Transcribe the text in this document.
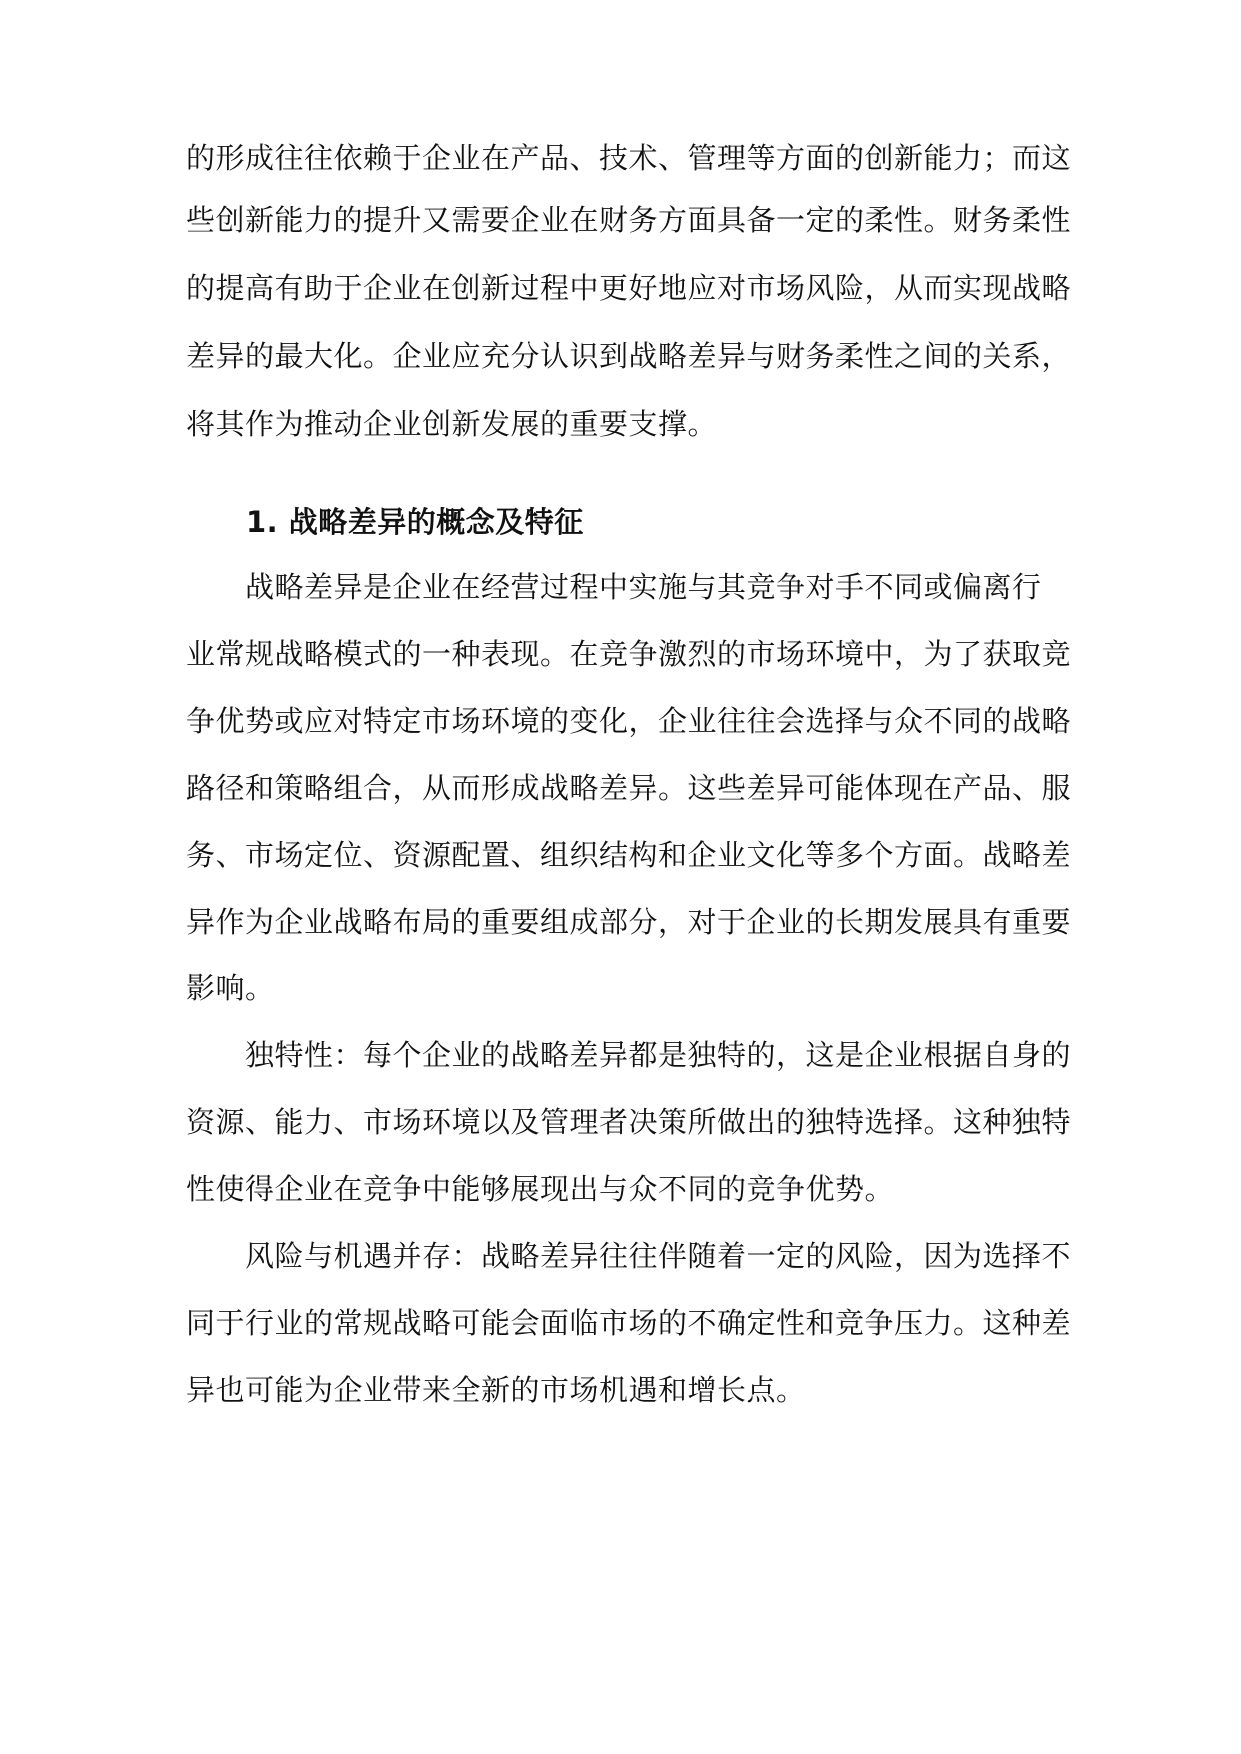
的形成往往依赖于企业在产品、技术、管理等方面的创新能力；而这
些创新能力的提升又需要企业在财务方面具备一定的柔性。财务柔性
的提高有助于企业在创新过程中更好地应对市场风险，从而实现战略
差异的最大化。企业应充分认识到战略差异与财务柔性之间的关系，
将其作为推动企业创新发展的重要支撑。
1. 战略差异的概念及特征
　　战略差异是企业在经营过程中实施与其竞争对手不同或偏离行
业常规战略模式的一种表现。在竞争激烈的市场环境中，为了获取竞
争优势或应对特定市场环境的变化，企业往往会选择与众不同的战略
路径和策略组合，从而形成战略差异。这些差异可能体现在产品、服
务、市场定位、资源配置、组织结构和企业文化等多个方面。战略差
异作为企业战略布局的重要组成部分，对于企业的长期发展具有重要
影响。
　　独特性：每个企业的战略差异都是独特的，这是企业根据自身的
资源、能力、市场环境以及管理者决策所做出的独特选择。这种独特
性使得企业在竞争中能够展现出与众不同的竞争优势。
　　风险与机遇并存：战略差异往往伴随着一定的风险，因为选择不
同于行业的常规战略可能会面临市场的不确定性和竞争压力。这种差
异也可能为企业带来全新的市场机遇和增长点。
